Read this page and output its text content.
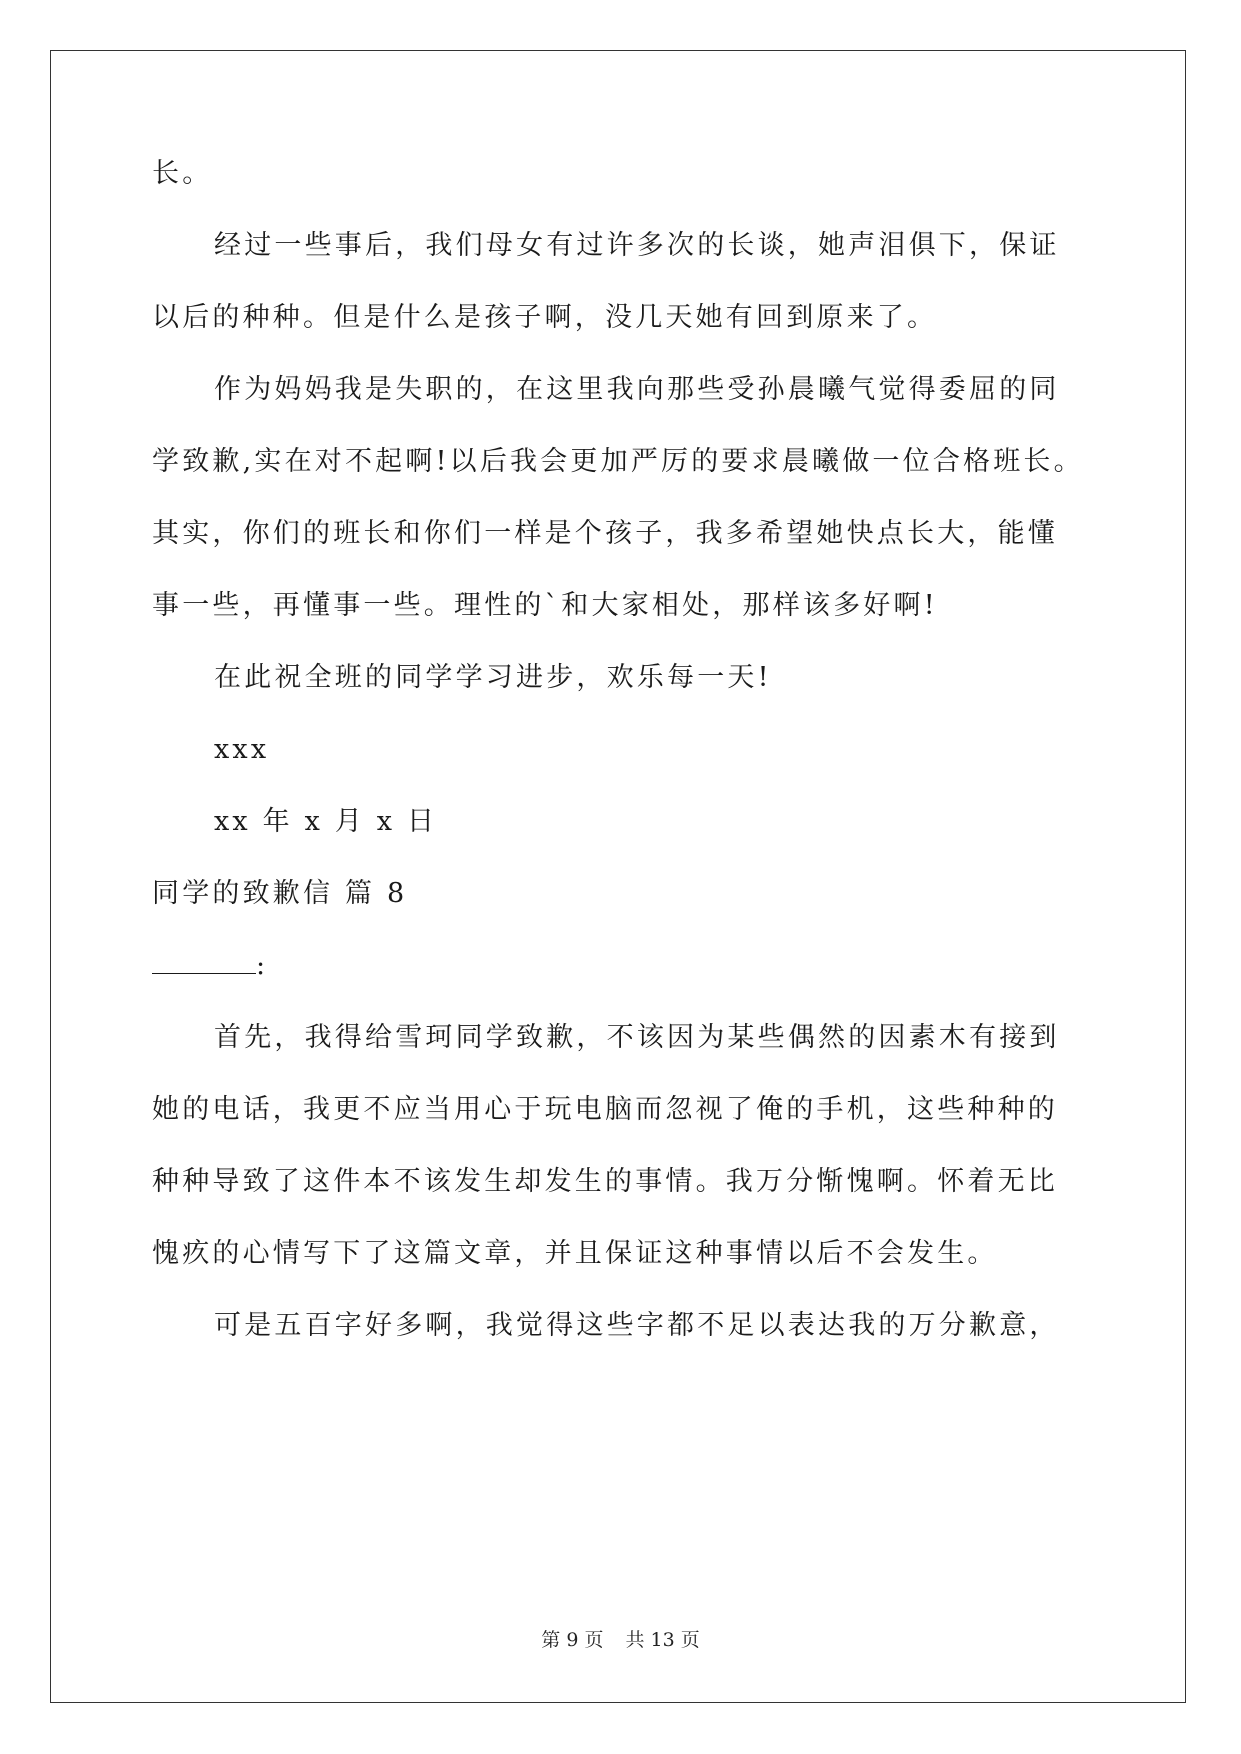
长。
经过一些事后，我们母女有过许多次的长谈，她声泪俱下，保证
以后的种种。但是什么是孩子啊，没几天她有回到原来了。
作为妈妈我是失职的，在这里我向那些受孙晨曦气觉得委屈的同
学致歉,实在对不起啊!以后我会更加严厉的要求晨曦做一位合格班长。
其实，你们的班长和你们一样是个孩子，我多希望她快点长大，能懂
事一些，再懂事一些。理性的`和大家相处，那样该多好啊!
在此祝全班的同学学习进步，欢乐每一天!
xxx
xx 年 x 月 x 日
同学的致歉信 篇 8
:
首先，我得给雪珂同学致歉，不该因为某些偶然的因素木有接到
她的电话，我更不应当用心于玩电脑而忽视了俺的手机，这些种种的
种种导致了这件本不该发生却发生的事情。我万分惭愧啊。怀着无比
愧疚的心情写下了这篇文章，并且保证这种事情以后不会发生。
可是五百字好多啊，我觉得这些字都不足以表达我的万分歉意，
第 9 页 共 13 页
